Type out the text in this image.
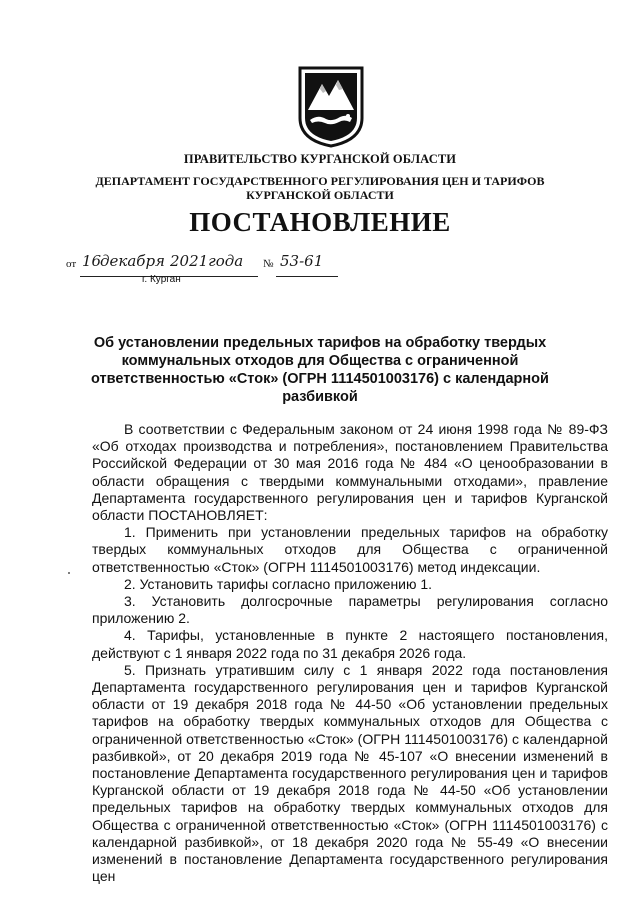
ПРАВИТЕЛЬСТВО КУРГАНСКОЙ ОБЛАСТИ
ДЕПАРТАМЕНТ ГОСУДАРСТВЕННОГО РЕГУЛИРОВАНИЯ ЦЕН И ТАРИФОВ КУРГАНСКОЙ ОБЛАСТИ
ПОСТАНОВЛЕНИЕ
от 16
декабря 2021года № 53-61
г. Курган
Об установлении предельных тарифов на обработку твердых коммунальных отходов для Общества с ограниченной ответственностью «Сток» (ОГРН 1114501003176) с календарной разбивкой

В соответствии с Федеральным законом от 24 июня 1998 года № 89-ФЗ «Об отходах производства и потребления», постановлением Правительства Российской Федерации от 30 мая 2016 года № 484 «О ценообразовании в области обращения с твердыми коммунальными отходами», правление Департамента государственного регулирования цен и тарифов Курганской области ПОСТАНОВЛЯЕТ:

1. Применить при установлении предельных тарифов на обработку твердых коммунальных отходов для Общества с ограниченной ответственностью «Сток» (ОГРН 1114501003176) метод индексации.

2. Установить тарифы согласно приложению 1.

3. Установить долгосрочные параметры регулирования согласно приложению 2.

4. Тарифы, установленные в пункте 2 настоящего постановления, действуют с 1 января 2022 года по 31 декабря 2026 года.

5. Признать утратившим силу с 1 января 2022 года постановления Департамента государственного регулирования цен и тарифов Курганской области от 19 декабря 2018 года № 44-50 «Об установлении предельных тарифов на обработку твердых коммунальных отходов для Общества с ограниченной ответственностью «Сток» (ОГРН 1114501003176) с календарной разбивкой», от 20 декабря 2019 года № 45-107 «О внесении изменений в постановление Департамента государственного регулирования цен и тарифов Курганской области от 19 декабря 2018 года № 44-50 «Об установлении предельных тарифов на обработку твердых коммунальных отходов для Общества с ограниченной ответственностью «Сток» (ОГРН 1114501003176) с календарной разбивкой», от 18 декабря 2020 года № 55-49 «О внесении изменений в постановление Департамента государственного регулирования цен
